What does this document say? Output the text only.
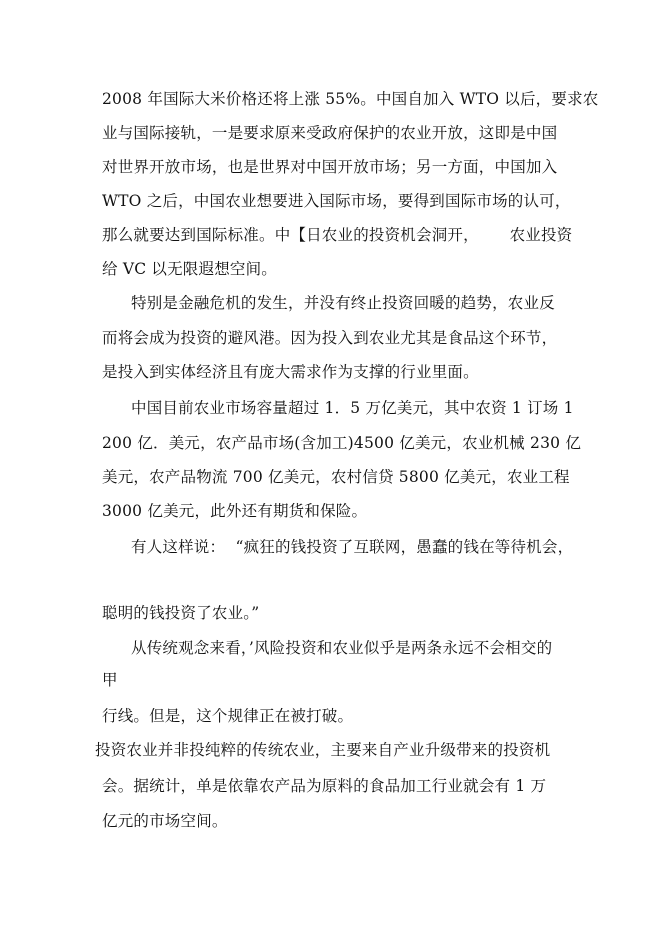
2008 年国际大米价格还将上涨 55%。中国自加入 WTO 以后，要求农
业与国际接轨，一是要求原来受政府保护的农业开放，这即是中国
对世界开放市场，也是世界对中国开放市场；另一方面，中国加入
WTO 之后，中国农业想要进入国际市场，要得到国际市场的认可，
那么就要达到国际标准。中【日农业的投资机会洞开，      农业投资
给 VC 以无限遐想空间。
特别是金融危机的发生，并没有终止投资回暖的趋势，农业反
而将会成为投资的避风港。因为投入到农业尤其是食品这个环节，
是投入到实体经济且有庞大需求作为支撑的行业里面。
中国目前农业市场容量超过 1．5 万亿美元，其中农资 1 订场 1
200 亿．美元，农产品市场(含加工)4500 亿美元，农业机械 230 亿
美元，农产品物流 700 亿美元，农村信贷 5800 亿美元，农业工程
3000 亿美元，此外还有期货和保险。
有人这样说：  “疯狂的钱投资了互联网，愚蠢的钱在等待机会，
聪明的钱投资了农业。”
从传统观念来看，’风险投资和农业似乎是两条永远不会相交的
甲
行线。但是，这个规律正在被打破。
投资农业并非投纯粹的传统农业，主要来自产业升级带来的投资机
会。据统计，单是依靠农产品为原料的食品加工行业就会有 1 万
亿元的市场空间。
